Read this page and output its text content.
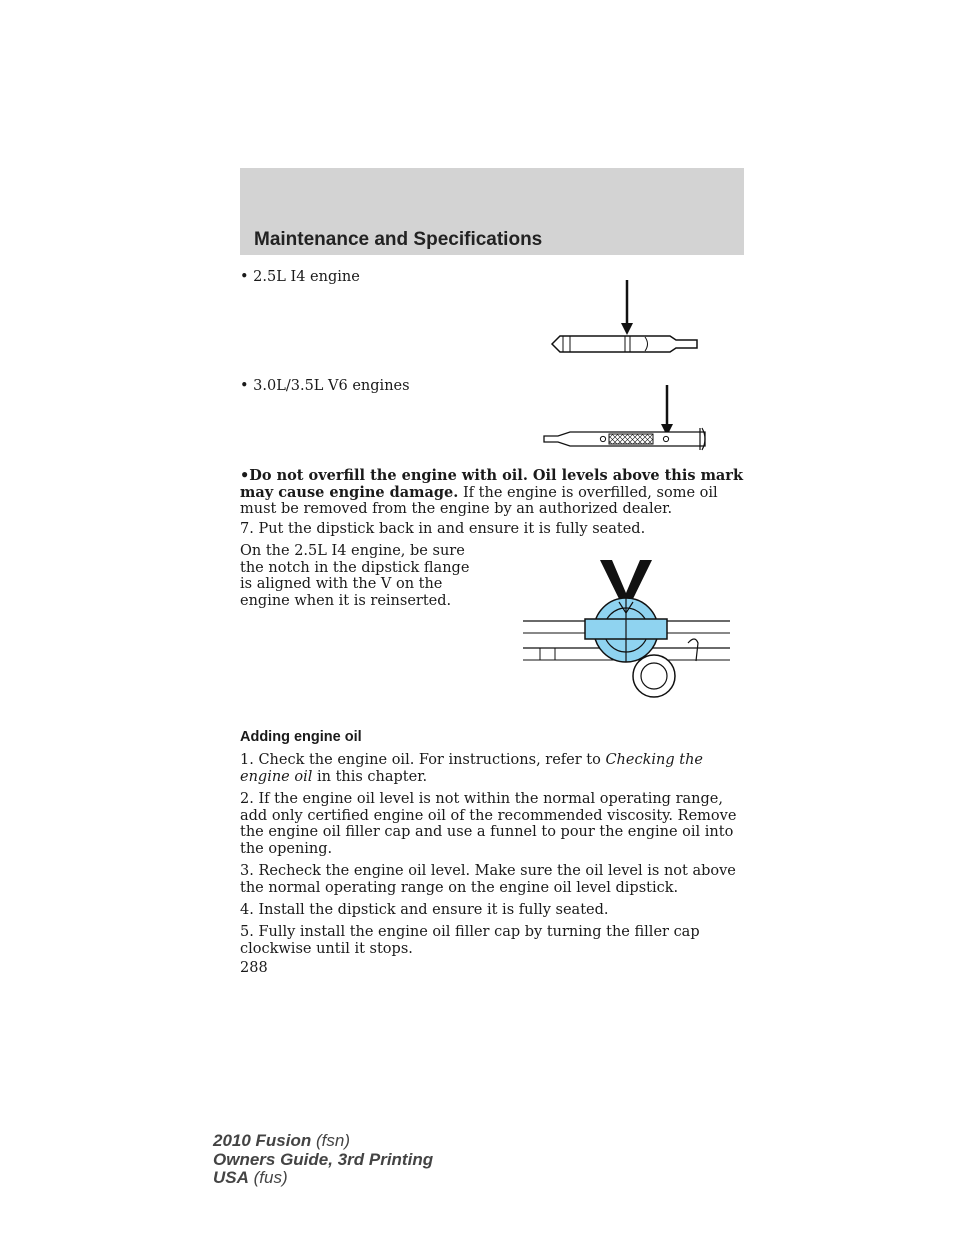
Maintenance and Specifications
• 2.5L I4 engine
• 3.0L/3.5L V6 engines
•Do not overfill the engine with oil. Oil levels above this mark may cause engine damage. If the engine is overfilled, some oil must be removed from the engine by an authorized dealer.
7. Put the dipstick back in and ensure it is fully seated.
On the 2.5L I4 engine, be sure the notch in the dipstick flange is aligned with the V on the engine when it is reinserted.
Adding engine oil
1. Check the engine oil. For instructions, refer to Checking the engine oil in this chapter.
2. If the engine oil level is not within the normal operating range, add only certified engine oil of the recommended viscosity. Remove the engine oil filler cap and use a funnel to pour the engine oil into the opening.
3. Recheck the engine oil level. Make sure the oil level is not above the normal operating range on the engine oil level dipstick.
4. Install the dipstick and ensure it is fully seated.
5. Fully install the engine oil filler cap by turning the filler cap clockwise until it stops.
288
2010 Fusion (fsn)
Owners Guide, 3rd Printing
USA (fus)
